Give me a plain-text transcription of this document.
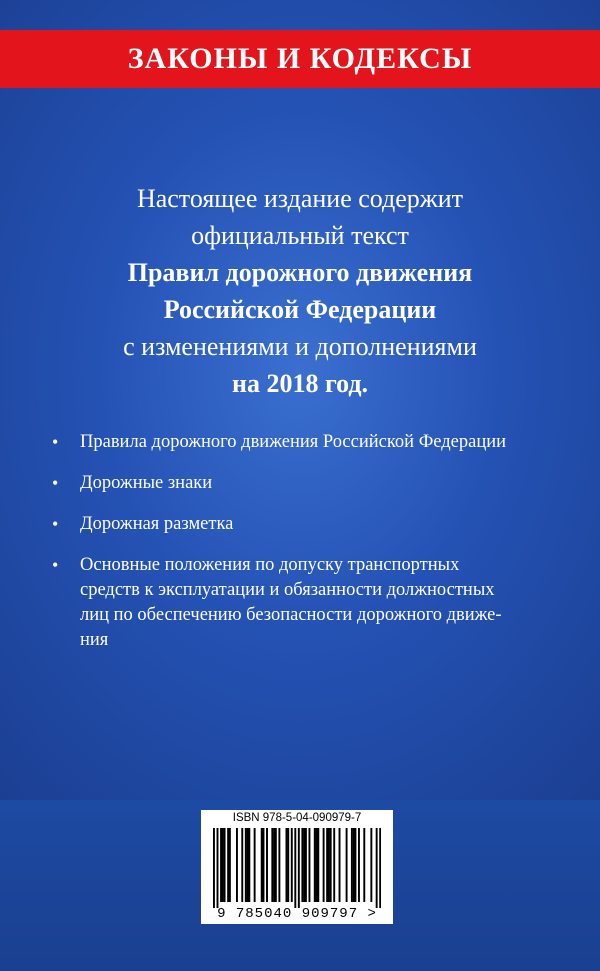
ЗАКОНЫ И КОДЕКСЫ
Настоящее издание содержит
официальный текст
Правил дорожного движения
Российской Федерации
с изменениями и дополнениями
на 2018 год.
• Правила дорожного движения Российской Федерации
• Дорожные знаки
• Дорожная разметка
• Основные положения по допуску транспортных
средств к эксплуатации и обязанности должностных
лиц по обеспечению безопасности дорожного движе-
ния
ISBN 978-5-04-090979-7
9 785040 909797 >
